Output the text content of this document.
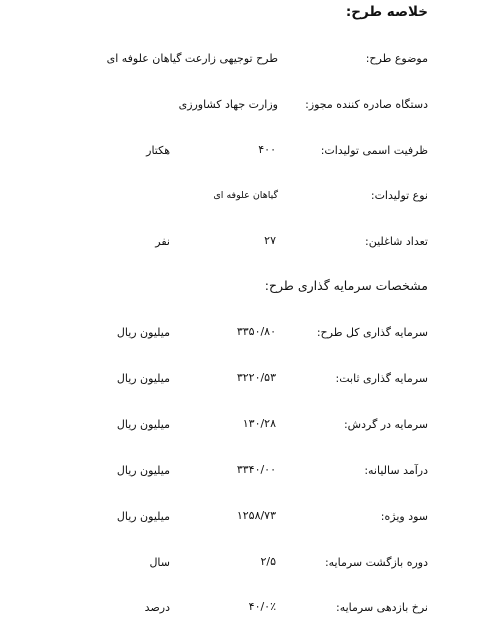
خلاصه طرح:
موضوع طرح:
طرح توجیهی زارعت گیاهان علوفه ای
دستگاه صادره کننده مجوز:
وزارت جهاد کشاورزی
ظرفیت اسمی تولیدات:
۴۰۰
هکتار
نوع تولیدات:
گیاهان علوفه ای
تعداد شاغلین:
۲۷
نفر
مشخصات سرمایه گذاری طرح:
سرمایه گذاری کل طرح:
۳۳۵۰/۸۰
میلیون ریال
سرمایه گذاری ثابت:
۳۲۲۰/۵۳
میلیون ریال
سرمایه در گردش:
۱۳۰/۲۸
میلیون ریال
درآمد سالیانه:
۳۳۴۰/۰۰
میلیون ریال
سود ویژه:
۱۲۵۸/۷۳
میلیون ریال
دوره بازگشت سرمایه:
۲/۵
سال
نرخ بازدهی سرمایه:
۴۰/۰٪
درصد
